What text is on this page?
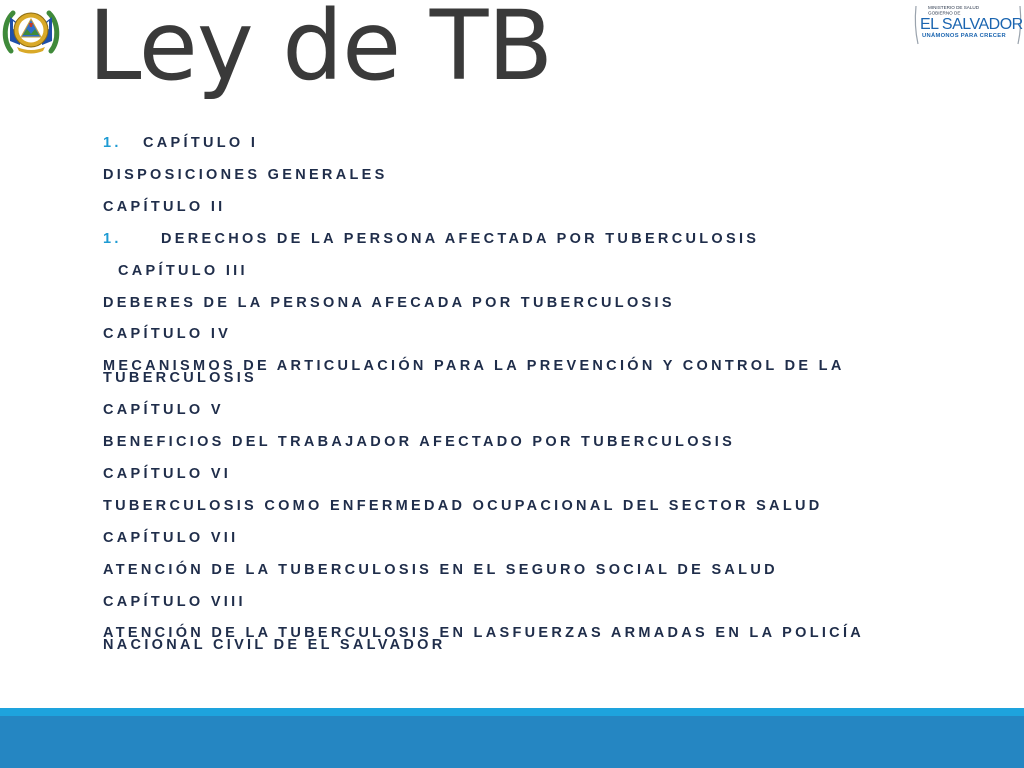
Ley de TB	MINISTERIO DE SALUD
GOBIERNO DE
EL SALVADOR
UNÁMONOS PARA CRECER

1. CAPÍTULO I

DISPOSICIONES GENERALES

CAPÍTULO II

1.	DERECHOS DE LA PERSONA AFECTADA POR TUBERCULOSIS

CAPÍTULO III

DEBERES DE LA PERSONA AFECADA POR TUBERCULOSIS

CAPÍTULO IV

MECANISMOS DE ARTICULACIÓN PARA LA PREVENCIÓN Y CONTROL DE LA TUBERCULOSIS

CAPÍTULO V

BENEFICIOS DEL TRABAJADOR AFECTADO POR TUBERCULOSIS

CAPÍTULO VI

TUBERCULOSIS COMO ENFERMEDAD OCUPACIONAL DEL SECTOR SALUD

CAPÍTULO VII

ATENCIÓN DE LA TUBERCULOSIS EN EL SEGURO SOCIAL DE SALUD

CAPÍTULO VIII

ATENCIÓN DE LA TUBERCULOSIS EN LASFUERZAS ARMADAS EN LA POLICÍA NACIONAL CIVIL DE EL SALVADOR
